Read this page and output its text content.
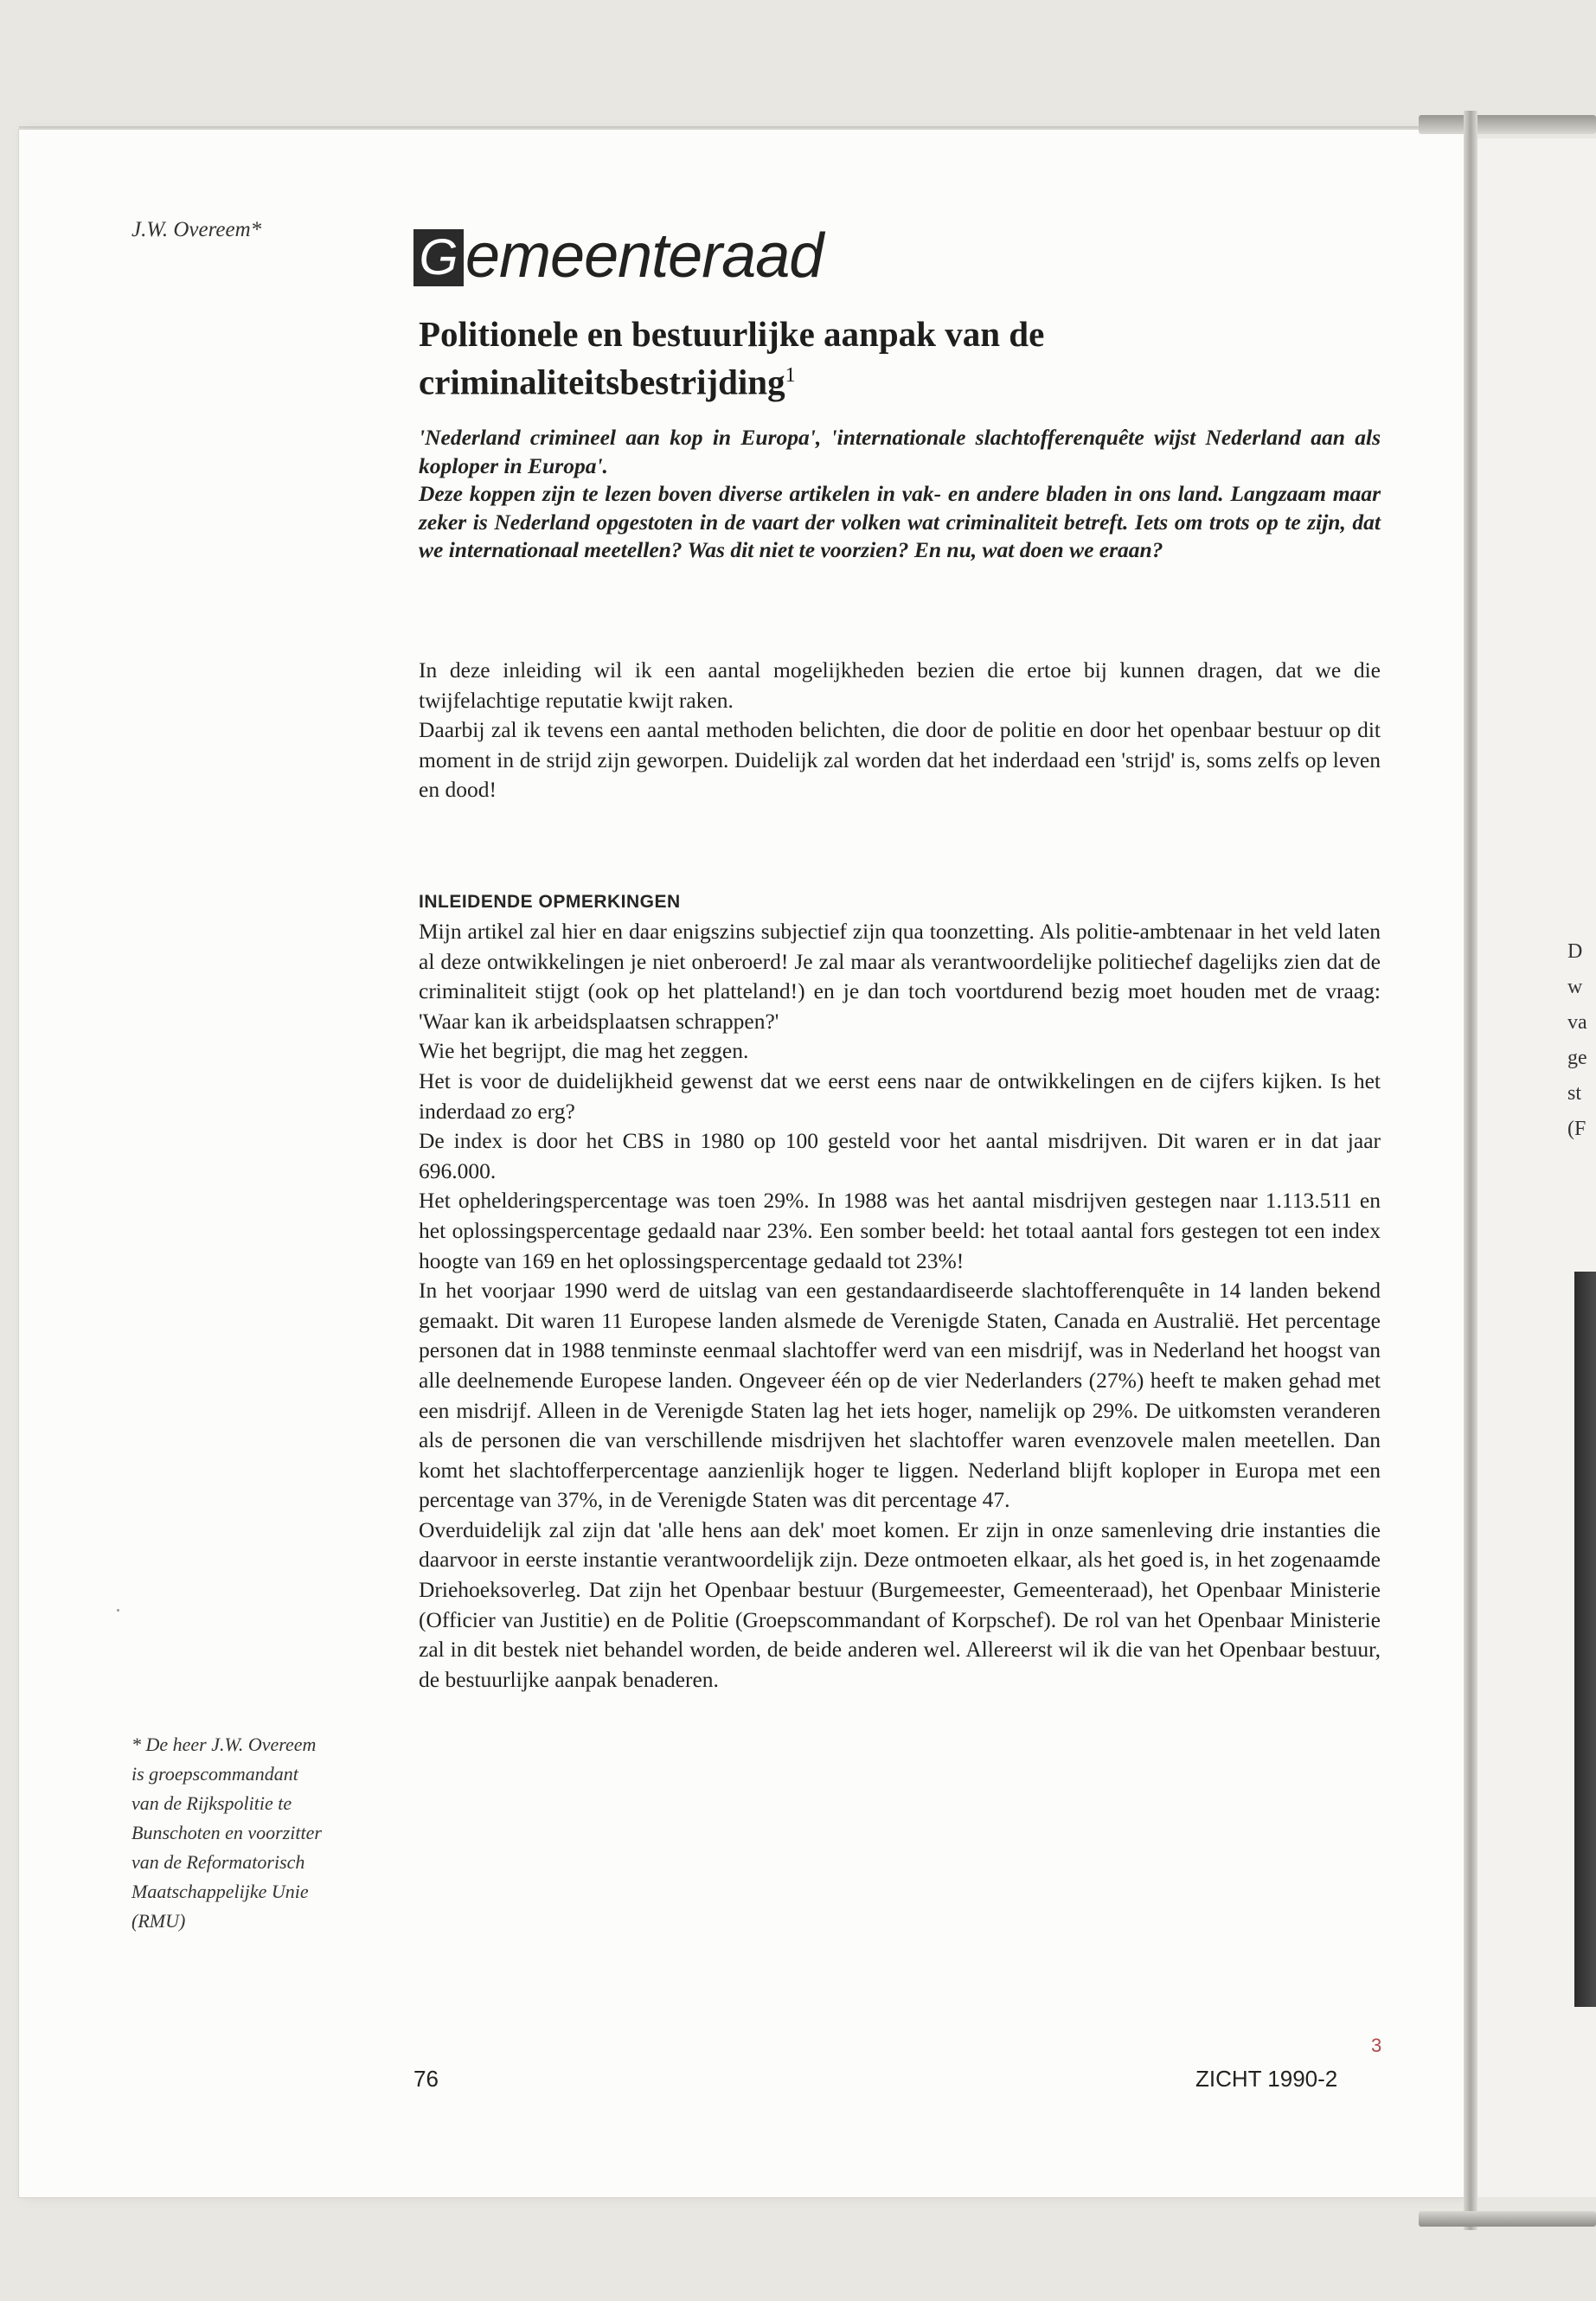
D
w
va
ge
st
(F
J.W. Overeem*	G emeenteraad
Politionele en bestuurlijke aanpak van de criminaliteitsbestrijding$^1$

'Nederland crimineel aan kop in Europa', 'internationale slachtofferenquête wijst Nederland aan als koploper in Europa'.

Deze koppen zijn te lezen boven diverse artikelen in vak- en andere bladen in ons land. Langzaam maar zeker is Nederland opgestoten in de vaart der volken wat criminaliteit betreft. Iets om trots op te zijn, dat we internationaal meetellen? Was dit niet te voorzien? En nu, wat doen we eraan?

In deze inleiding wil ik een aantal mogelijkheden bezien die ertoe bij kunnen dragen, dat we die twijfelachtige reputatie kwijt raken.

Daarbij zal ik tevens een aantal methoden belichten, die door de politie en door het openbaar bestuur op dit moment in de strijd zijn geworpen. Duidelijk zal worden dat het inderdaad een 'strijd' is, soms zelfs op leven en dood!

INLEIDENDE OPMERKINGEN

Mijn artikel zal hier en daar enigszins subjectief zijn qua toonzetting. Als politie-ambtenaar in het veld laten al deze ontwikkelingen je niet onberoerd! Je zal maar als verantwoordelijke politiechef dagelijks zien dat de criminaliteit stijgt (ook op het platteland!) en je dan toch voortdurend bezig moet houden met de vraag: 'Waar kan ik arbeidsplaatsen schrappen?'

Wie het begrijpt, die mag het zeggen.

Het is voor de duidelijkheid gewenst dat we eerst eens naar de ontwikkelingen en de cijfers kijken. Is het inderdaad zo erg?

De index is door het CBS in 1980 op 100 gesteld voor het aantal misdrijven. Dit waren er in dat jaar 696.000.

Het ophelderingspercentage was toen 29%. In 1988 was het aantal misdrijven gestegen naar 1.113.511 en het oplossingspercentage gedaald naar 23%. Een somber beeld: het totaal aantal fors gestegen tot een index hoogte van 169 en het oplossingspercentage gedaald tot 23%!

In het voorjaar 1990 werd de uitslag van een gestandaardiseerde slachtofferenquête in 14 landen bekend gemaakt. Dit waren 11 Europese landen alsmede de Verenigde Staten, Canada en Australië. Het percentage personen dat in 1988 tenminste eenmaal slachtoffer werd van een misdrijf, was in Nederland het hoogst van alle deelnemende Europese landen. Ongeveer één op de vier Nederlanders (27%) heeft te maken gehad met een misdrijf. Alleen in de Verenigde Staten lag het iets hoger, namelijk op 29%. De uitkomsten veranderen als de personen die van verschillende misdrijven het slachtoffer waren evenzovele malen meetellen. Dan komt het slachtofferpercentage aanzienlijk hoger te liggen. Nederland blijft koploper in Europa met een percentage van 37%, in de Verenigde Staten was dit percentage 47.

Overduidelijk zal zijn dat 'alle hens aan dek' moet komen. Er zijn in onze samenleving drie instanties die daarvoor in eerste instantie verantwoordelijk zijn. Deze ontmoeten elkaar, als het goed is, in het zogenaamde Driehoeksoverleg. Dat zijn het Openbaar bestuur (Burgemeester, Gemeenteraad), het Openbaar Ministerie (Officier van Justitie) en de Politie (Groepscommandant of Korpschef). De rol van het Openbaar Ministerie zal in dit bestek niet behandel worden, de beide anderen wel. Allereerst wil ik die van het Openbaar bestuur, de bestuurlijke aanpak benaderen.

* De heer J.W. Overeem is groepscommandant van de Rijkspolitie te Bunschoten en voorzitter van de Reformatorisch Maatschappelijke Unie (RMU)
76	ZICHT 1990-2
3
